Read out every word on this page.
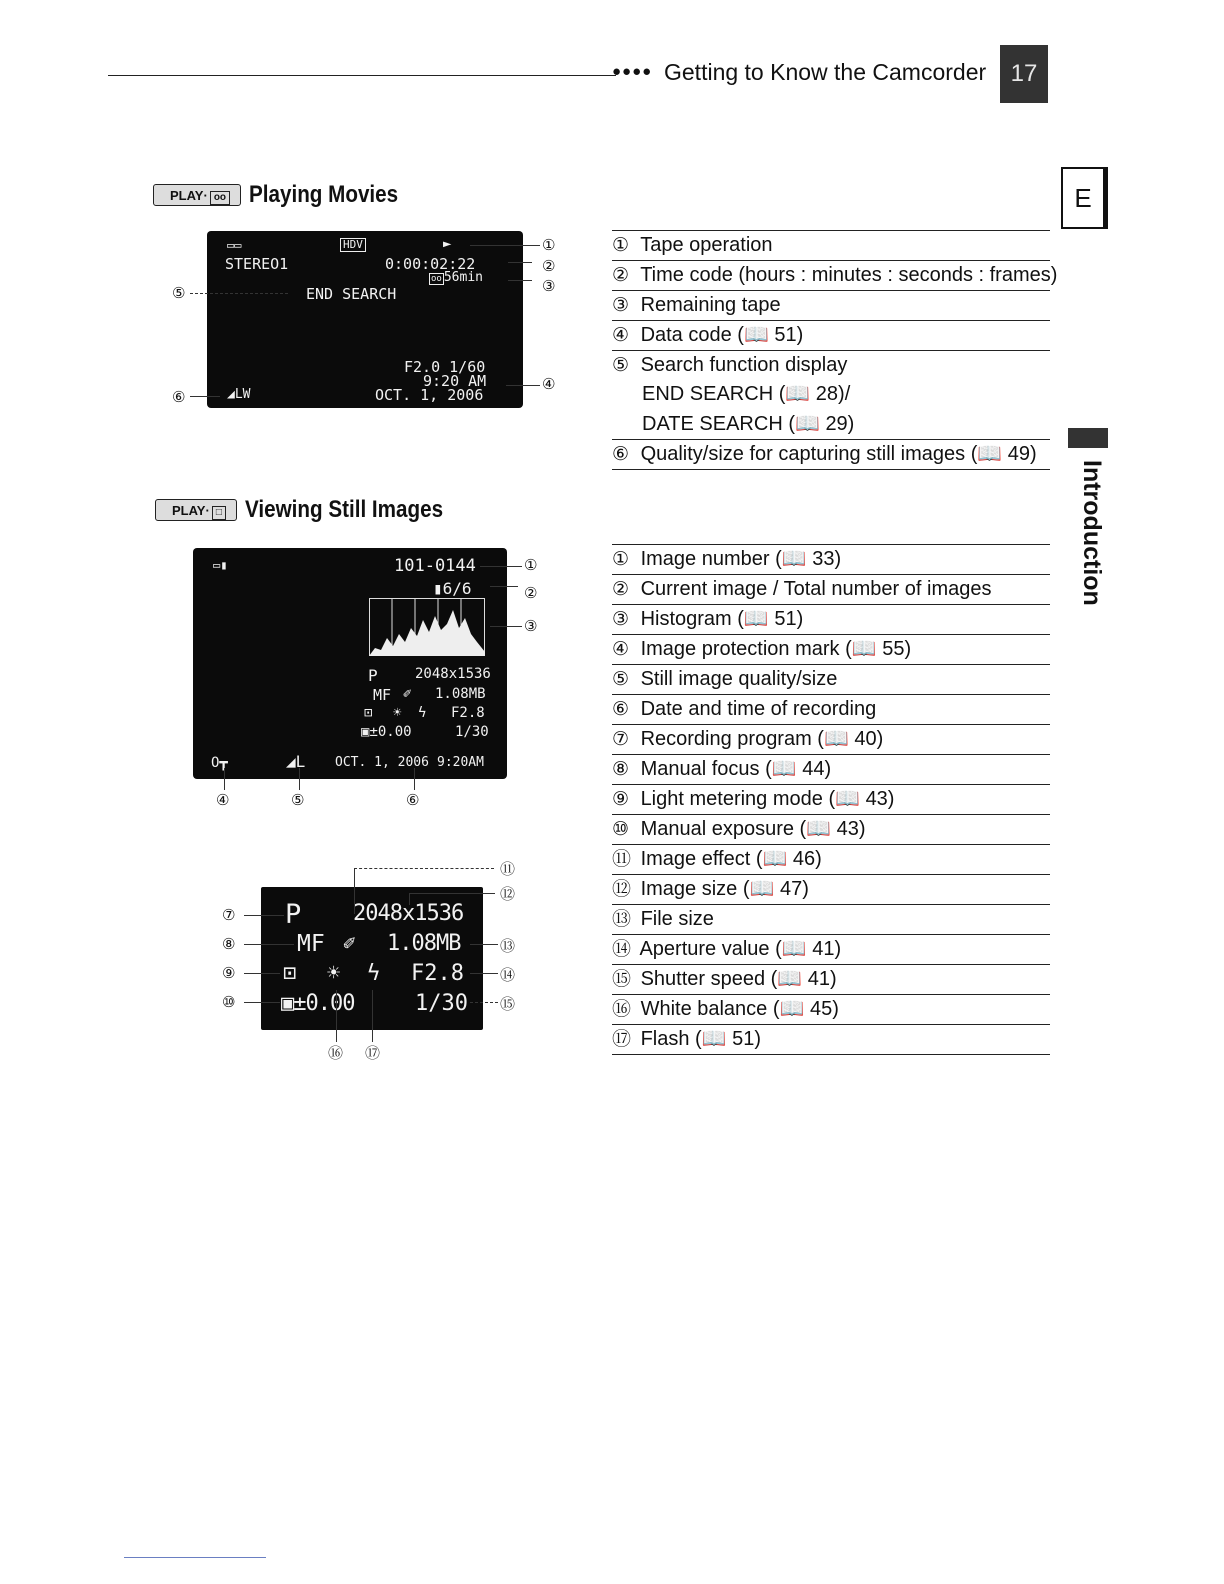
●●●● Getting to Know the Camcorder	17
E
Introduction
PLAY· oo Playing Movies
▭▭	HDV	►
STEREO1	0:00:02:22
oo 56min
END SEARCH
F2.0 1/60
9:20 AM
OCT. 1, 2006
◢LW
①
②
③
④
⑤
⑥
① Tape operation
② Time code (hours : minutes : seconds : frames)
③ Remaining tape
④ Data code (📖 51)
⑤ Search function display
END SEARCH (📖 28)/
DATE SEARCH (📖 29)
⑥ Quality/size for capturing still images (📖 49)
PLAY· □ Viewing Still Images
▭▮	101-0144
▮6/6
P	2048x1536
MF ✐ 1.08MB
⊡ ☀ ϟ F2.8
▣±0.00	1/30
O┳	◢L OCT. 1, 2006 9:20AM
①
②
③
④	⑤	⑥
P 2048x1536
MF ✐ 1.08MB
⊡ ☀ ϟ F2.8
▣±0.00	1/30
⑦
⑧
⑨
⑩
⑪
⑫
⑬
⑭
⑮
⑯ ⑰
① Image number (📖 33)
② Current image / Total number of images
③ Histogram (📖 51)
④ Image protection mark (📖 55)
⑤ Still image quality/size
⑥ Date and time of recording
⑦ Recording program (📖 40)
⑧ Manual focus (📖 44)
⑨ Light metering mode (📖 43)
⑩ Manual exposure (📖 43)
⑪ Image effect (📖 46)
⑫ Image size (📖 47)
⑬ File size
⑭ Aperture value (📖 41)
⑮ Shutter speed (📖 41)
⑯ White balance (📖 45)
⑰ Flash (📖 51)
